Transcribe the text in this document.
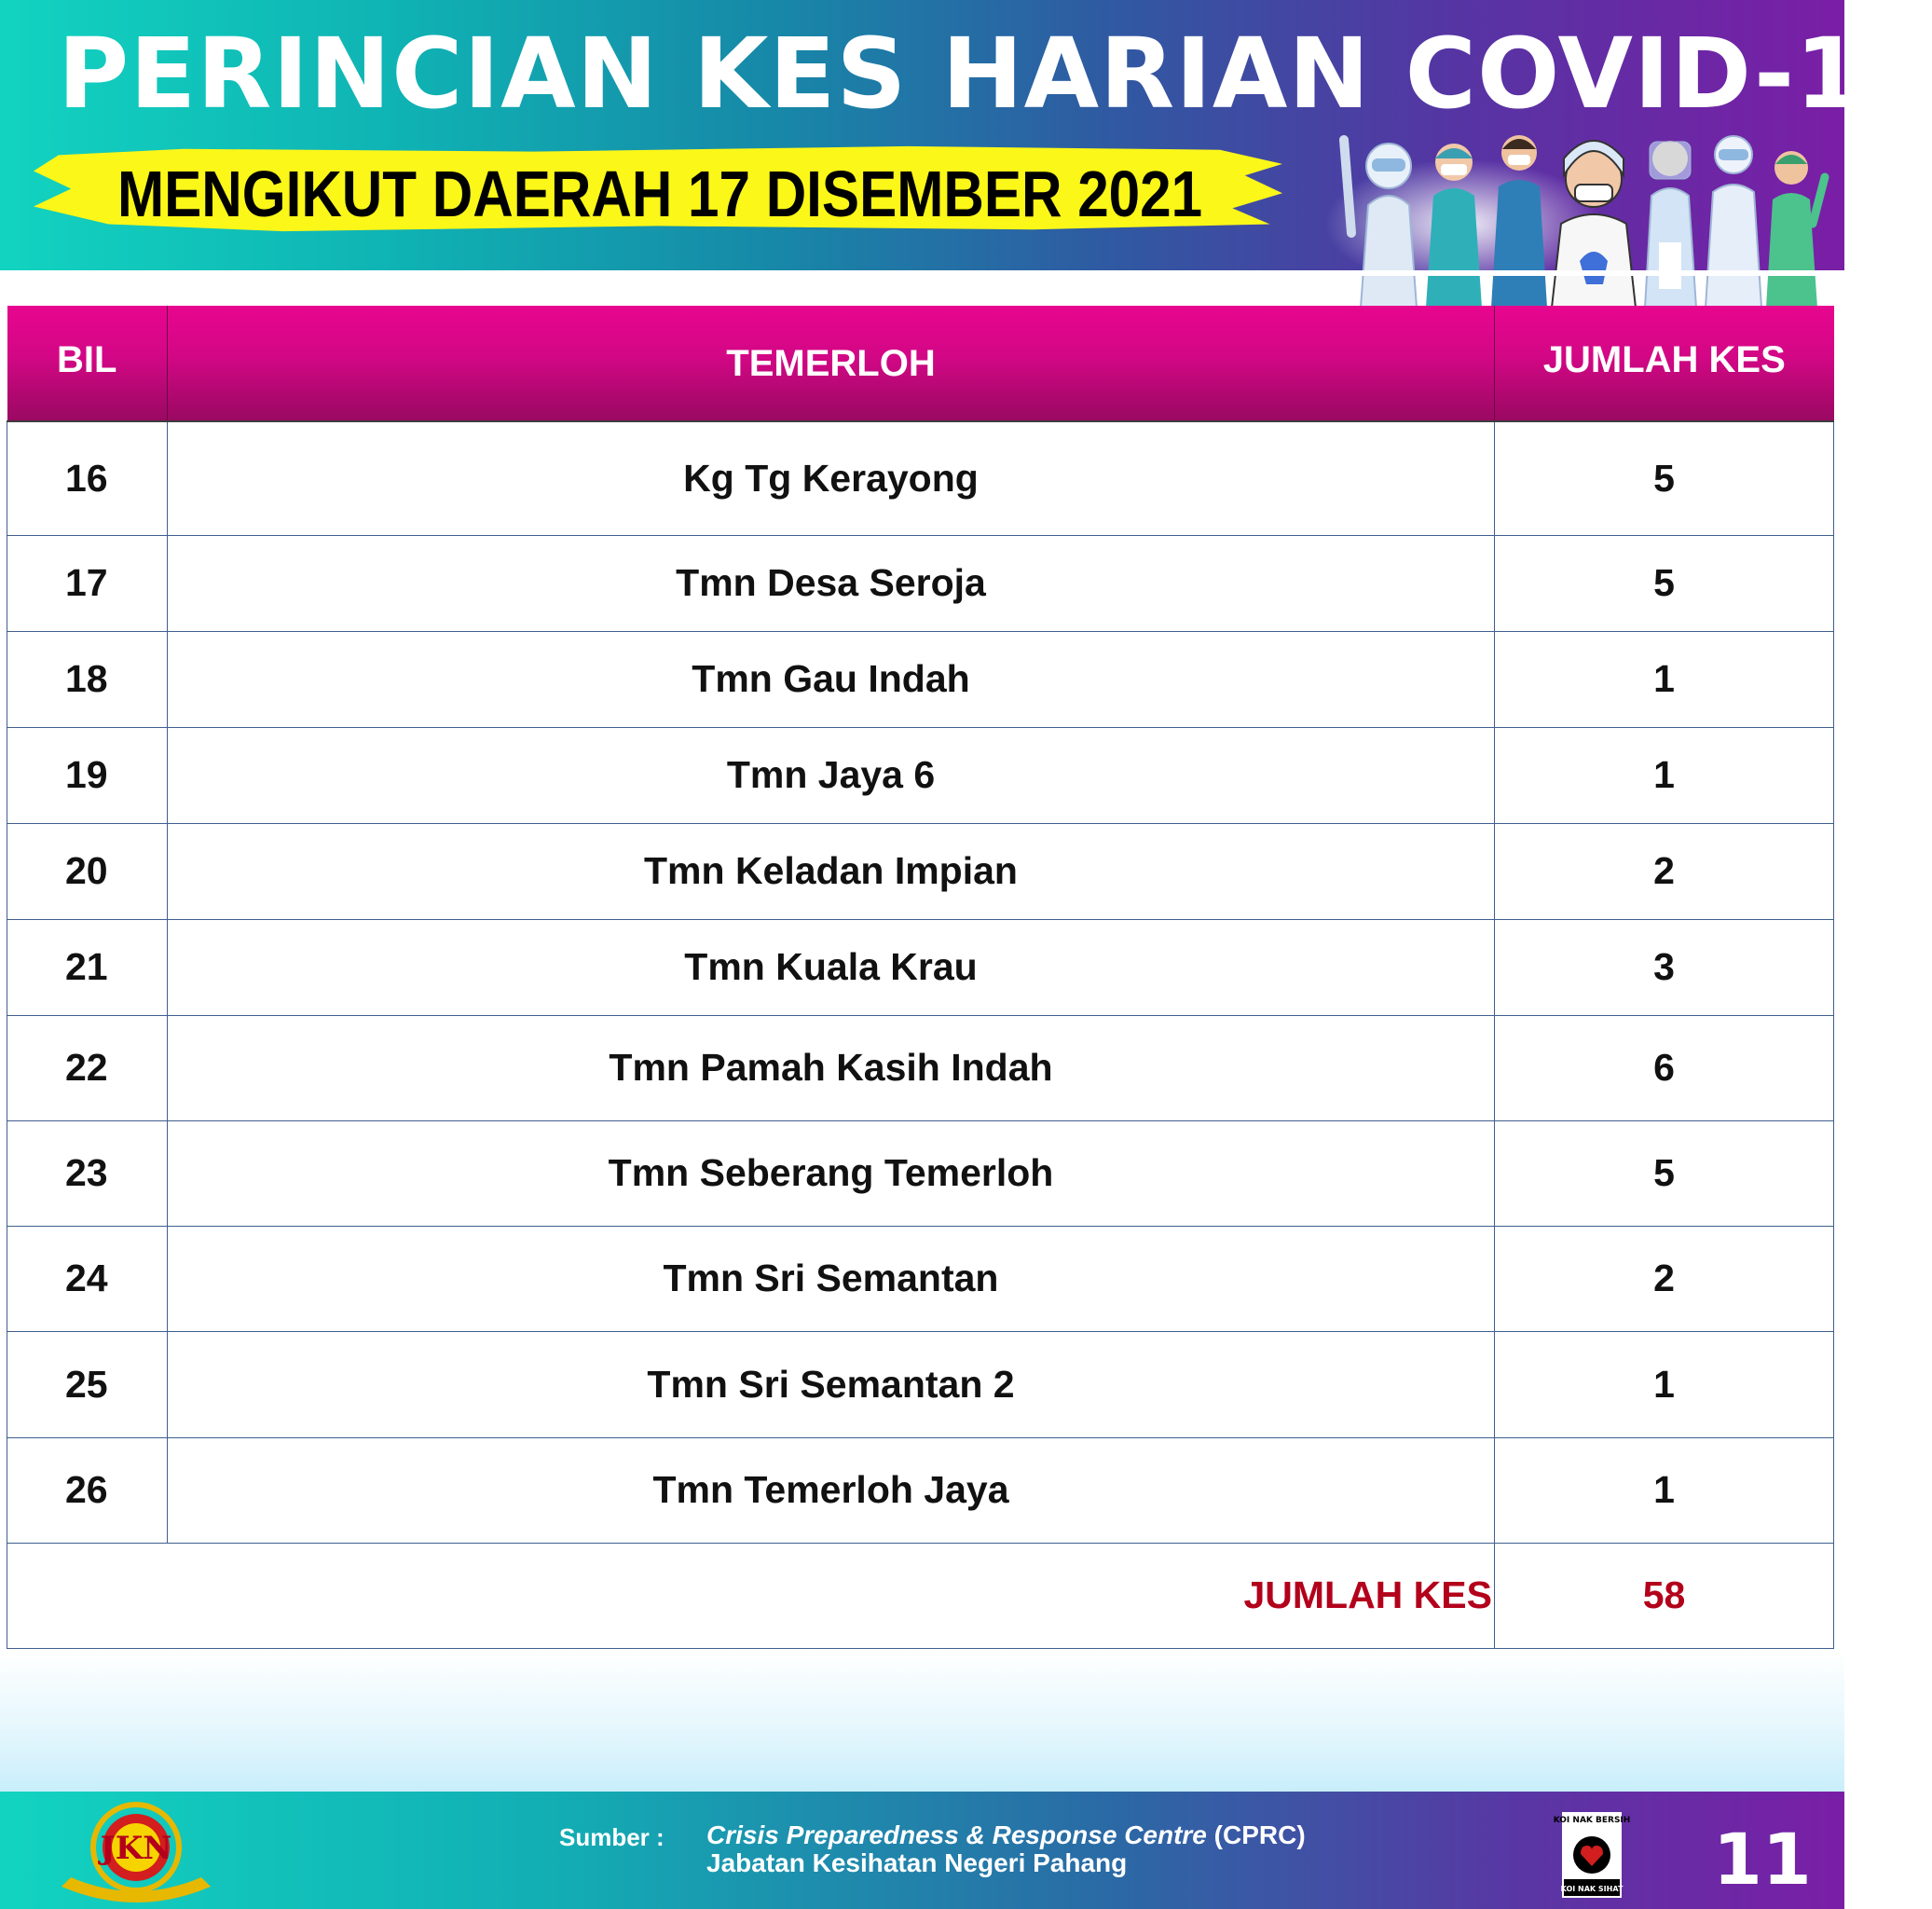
PERINCIAN KES HARIAN COVID-19
MENGIKUT DAERAH 17 DISEMBER 2021
BIL	TEMERLOH	JUMLAH KES
16	Kg Tg Kerayong	5
17	Tmn Desa Seroja	5
18	Tmn Gau Indah	1
19	Tmn Jaya 6	1
20	Tmn Keladan Impian	2
21	Tmn Kuala Krau	3
22	Tmn Pamah Kasih Indah	6
23	Tmn Seberang Temerloh	5
24	Tmn Sri Semantan	2
25	Tmn Sri Semantan 2	1
26	Tmn Temerloh Jaya	1
JUMLAH KES		58
JKN	Sumber : Crisis Preparedness & Response Centre (CPRC)
Jabatan Kesihatan Negeri Pahang
KOI NAK BERSIH
KOI NAK SIHAT 11
